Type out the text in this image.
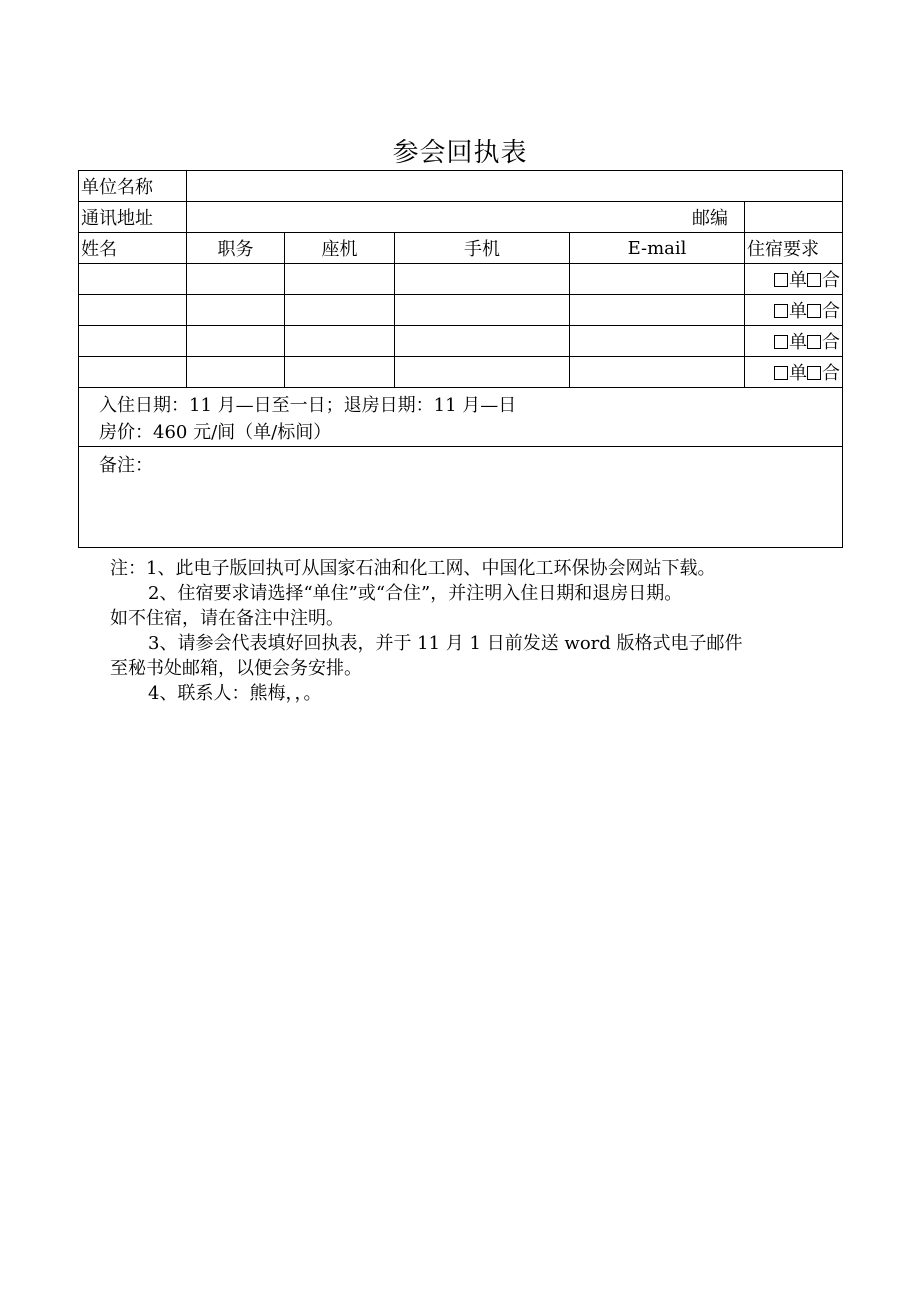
参会回执表
单位名称					
通讯地址	邮编				
姓名	职务	座机	手机	E-mail	住宿要求
					单 合
					单 合
					单 合
					单 合

入住日期：11 月—日至一日；退房日期：11 月—日
房价：460 元/间（单/标间）					

备注：					

注：1、此电子版回执可从国家石油和化工网、中国化工环保协会网站下载。

2、住宿要求请选择“单住”或“合住”，并注明入住日期和退房日期。

如不住宿，请在备注中注明。

3、请参会代表填好回执表，并于 11 月 1 日前发送 word 版格式电子邮件

至秘书处邮箱，以便会务安排。

4、联系人：熊梅，，。
